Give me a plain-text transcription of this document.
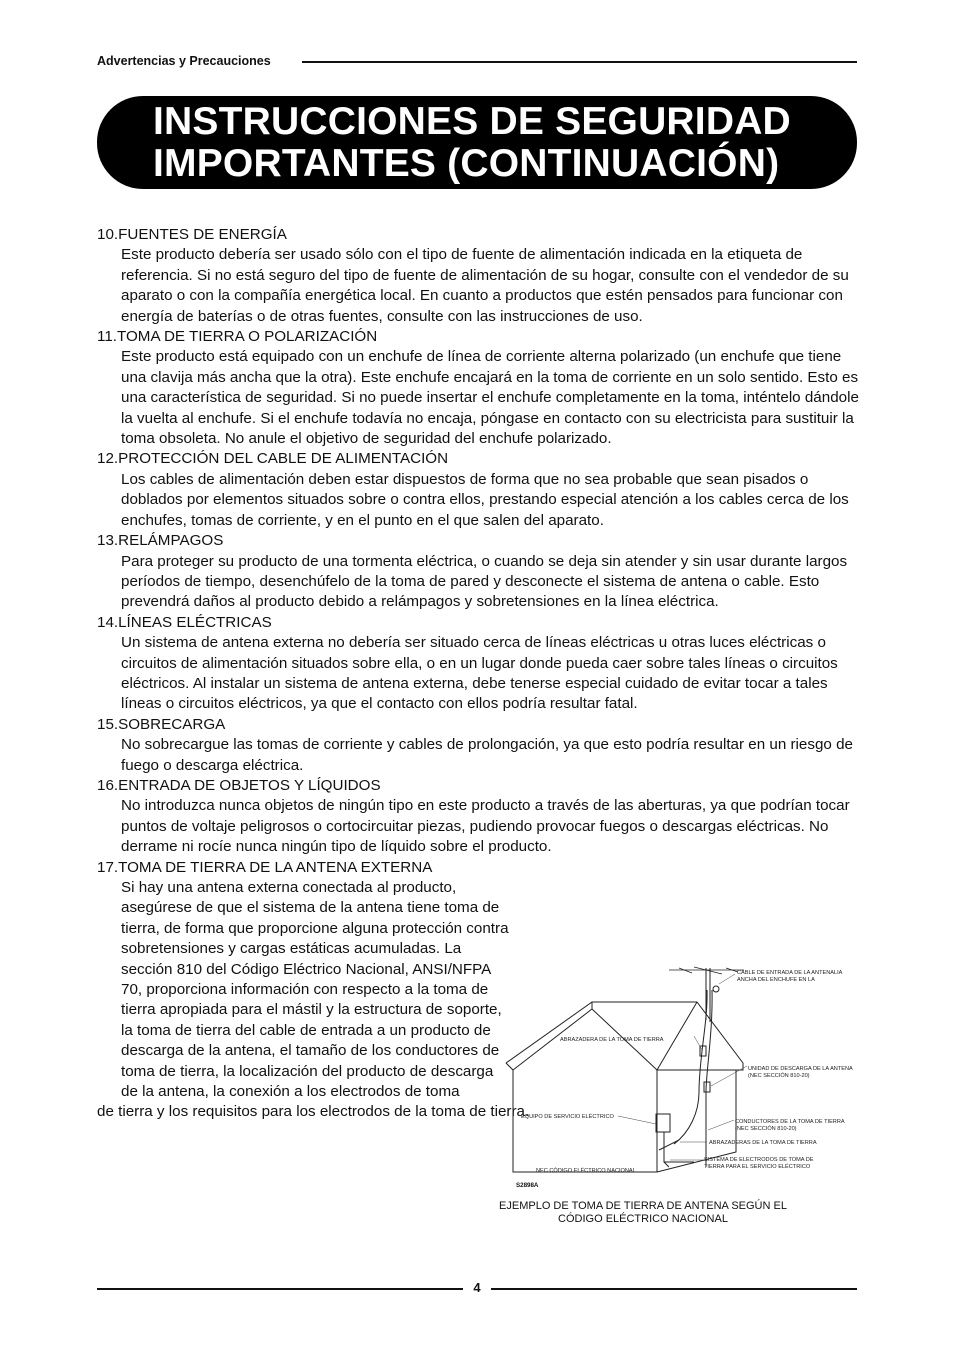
Advertencias y Precauciones
INSTRUCCIONES DE SEGURIDAD
IMPORTANTES (CONTINUACIÓN)
10.FUENTES DE ENERGÍA
Este producto debería ser usado sólo con el tipo de fuente de alimentación indicada en la etiqueta de referencia. Si no está seguro del tipo de fuente de alimentación de su hogar, consulte con el vendedor de su aparato o con la compañía energética local. En cuanto a productos que estén pensados para funcionar con energía de baterías o de otras fuentes, consulte con las instrucciones de uso.
11.TOMA DE TIERRA O POLARIZACIÓN
Este producto está equipado con un enchufe de línea de corriente alterna polarizado (un enchufe que tiene una clavija más ancha que la otra). Este enchufe encajará en la toma de corriente en un solo sentido. Esto es una característica de seguridad. Si no puede insertar el enchufe completamente en la toma, inténtelo dándole la vuelta al enchufe. Si el enchufe todavía no encaja, póngase en contacto con su electricista para sustituir la toma obsoleta. No anule el objetivo de seguridad del enchufe polarizado.
12.PROTECCIÓN DEL CABLE DE ALIMENTACIÓN
Los cables de alimentación deben estar dispuestos de forma que no sea probable que sean pisados o doblados por elementos situados sobre o contra ellos, prestando especial atención a los cables cerca de los enchufes, tomas de corriente, y en el punto en el que salen del aparato.
13.RELÁMPAGOS
Para proteger su producto de una tormenta eléctrica, o cuando se deja sin atender y sin usar durante largos períodos de tiempo, desenchúfelo de la toma de pared y desconecte el sistema de antena o cable. Esto prevendrá daños al producto debido a relámpagos y sobretensiones en la línea eléctrica.
14.LÍNEAS ELÉCTRICAS
Un sistema de antena externa no debería ser situado cerca de líneas eléctricas u otras luces eléctricas o circuitos de alimentación situados sobre ella, o en un lugar donde pueda caer sobre tales líneas o circuitos eléctricos. Al instalar un sistema de antena externa, debe tenerse especial cuidado de evitar tocar a tales líneas o circuitos eléctricos, ya que el contacto con ellos podría resultar fatal.
15.SOBRECARGA
No sobrecargue las tomas de corriente y cables de prolongación, ya que esto podría resultar en un riesgo de fuego o descarga eléctrica.
16.ENTRADA DE OBJETOS Y LÍQUIDOS
No introduzca nunca objetos de ningún tipo en este producto a través de las aberturas, ya que podrían tocar puntos de voltaje peligrosos o cortocircuitar piezas, pudiendo provocar fuegos o descargas eléctricas. No derrame ni rocíe nunca ningún tipo de líquido sobre el producto.
17.TOMA DE TIERRA DE LA ANTENA EXTERNA
Si hay una antena externa conectada al producto, asegúrese de que el sistema de la antena tiene toma de tierra, de forma que proporcione alguna protección contra sobretensiones y cargas estáticas acumuladas. La sección 810 del Código Eléctrico Nacional, ANSI/NFPA 70, proporciona información con respecto a la toma de tierra apropiada para el mástil y la estructura de soporte, la toma de tierra del cable de entrada a un producto de descarga de la antena, el tamaño de los conductores de toma de tierra, la localización del producto de descarga de la antena, la conexión a los electrodos de toma
de tierra y los requisitos para los electrodos de la toma de tierra.
CABLE DE ENTRADA DE LA ANTENALIA
ANCHA DEL ENCHUFE EN LA
ABRAZADERA DE LA TOMA DE TIERRA
UNIDAD DE DESCARGA DE LA ANTENA
(NEC SECCIÓN 810-20)
EQUIPO DE SERVICIO ELÉCTRICO
CONDUCTORES DE LA TOMA DE TIERRA
(NEC SECCIÓN 810-20)
ABRAZADERAS DE LA TOMA DE TIERRA
SISTEMA DE ELECTRODOS DE TOMA DE
TIERRA PARA EL SERVICIO ELÉCTRICO
NEC CÓDIGO ELÉCTRICO NACIONAL
S2898A
EJEMPLO DE TOMA DE TIERRA DE ANTENA SEGÚN EL
CÓDIGO ELÉCTRICO NACIONAL
4
